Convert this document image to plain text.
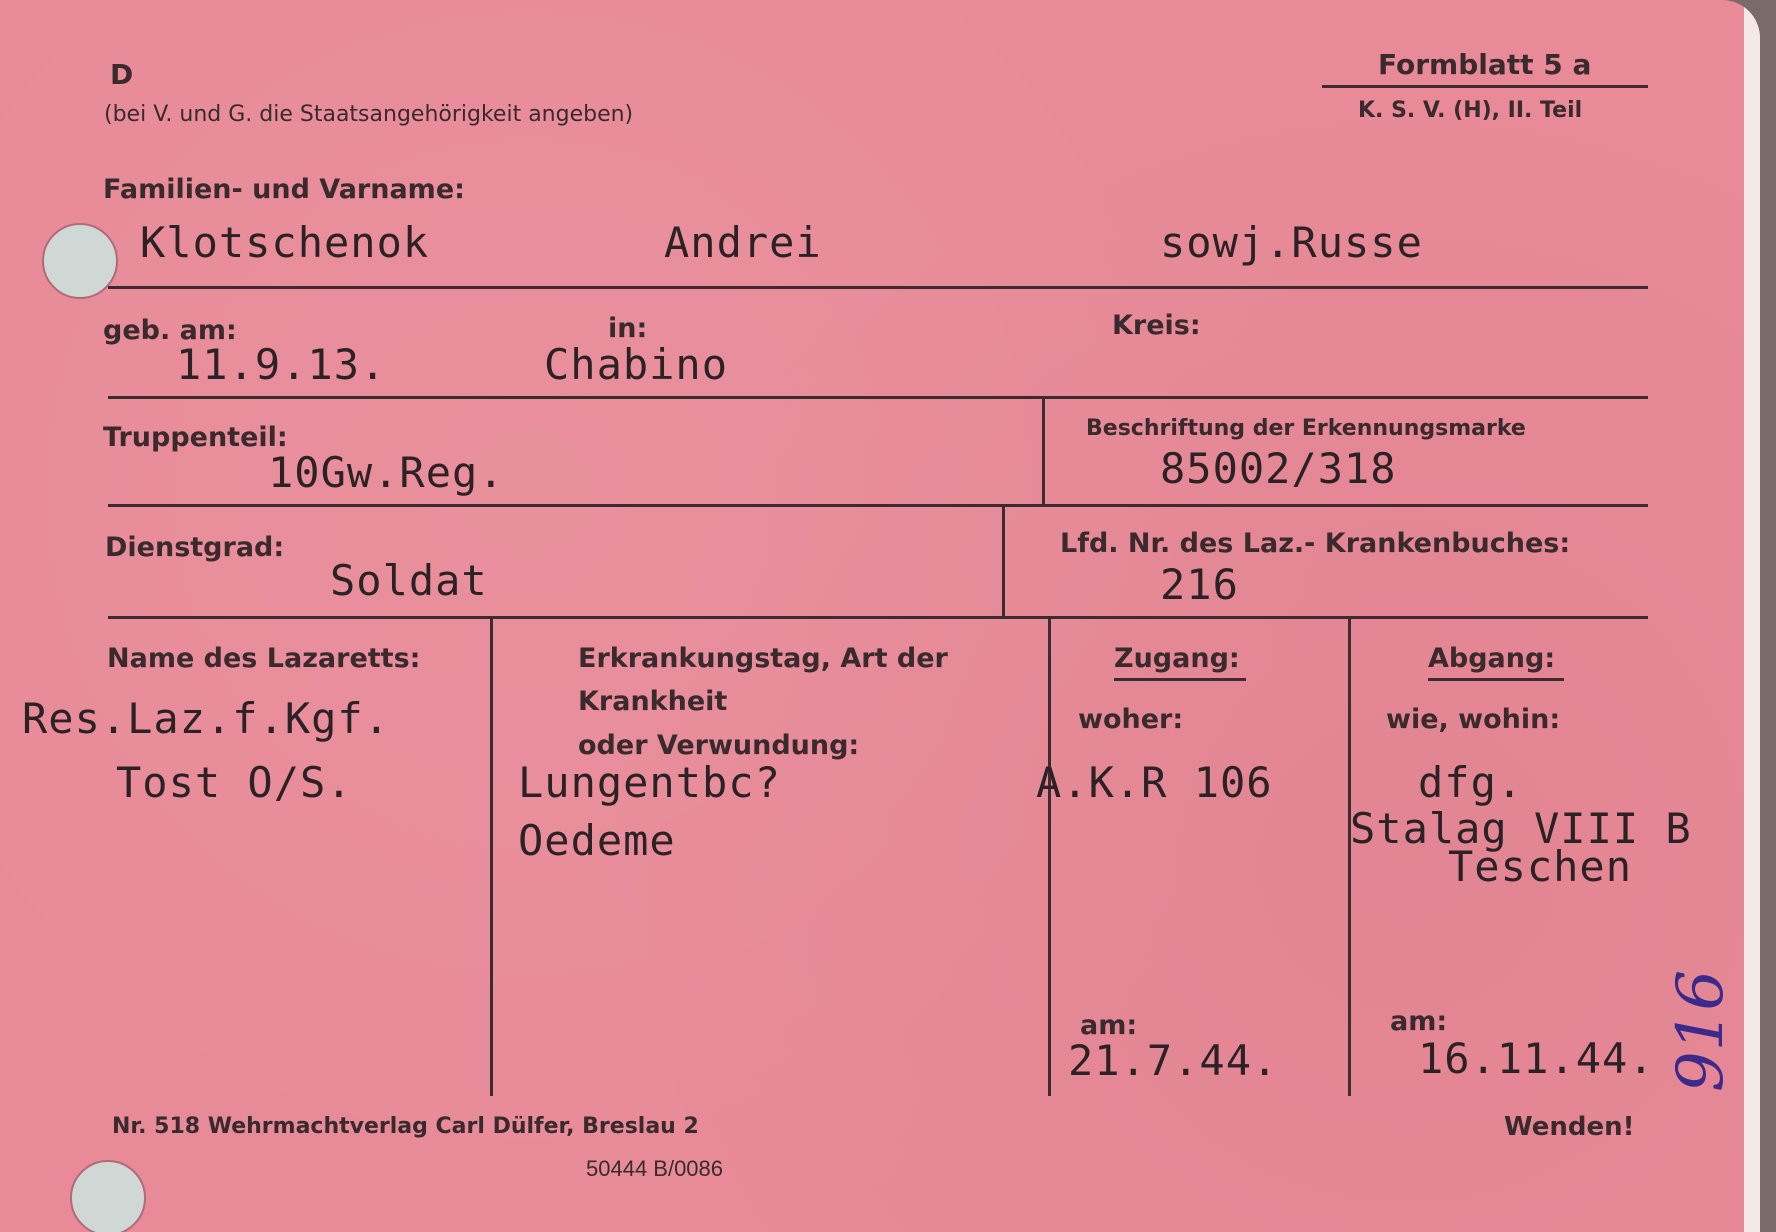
D
(bei V. und G. die Staatsangehörigkeit angeben)
Formblatt 5 a
K. S. V. (H), II. Teil
Familien- und Varname:
Klotschenok	Andrei	sowj.Russe
geb. am:
11.9.13.
in:
Chabino
Kreis:
Truppenteil:
10Gw.Reg.
Beschriftung der Erkennungsmarke
85002/318
Dienstgrad:
Soldat
Lfd. Nr. des Laz.- Krankenbuches:
216
Name des Lazaretts:
Res.Laz.f.Kgf.
Tost O/S.
Erkrankungstag, Art der
Krankheit
oder Verwundung:
Lungentbc?
Oedeme
Zugang:
woher:
A.K.R 106
am:
21.7.44.
Abgang:
wie, wohin:
dfg.
Stalag VIII B
Teschen
am:
16.11.44. 916
Nr. 518 Wehrmachtverlag Carl Dülfer, Breslau 2
50444 B/0086
Wenden!
